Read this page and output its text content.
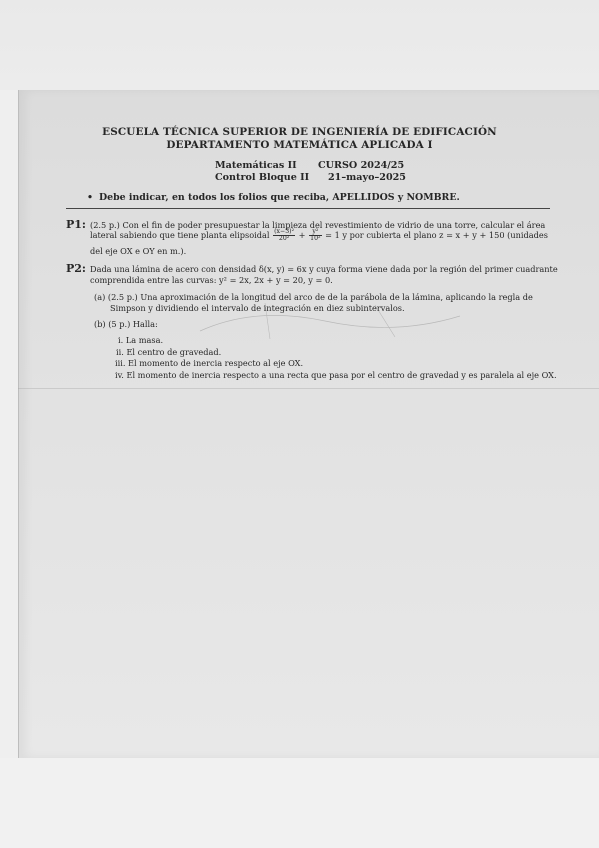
ESCUELA TÉCNICA SUPERIOR DE INGENIERÍA DE EDIFICACIÓN
DEPARTAMENTO MATEMÁTICA APLICADA I
Matemáticas II CURSO 2024/25
Control Bloque II 21–mayo–2025
• Debe indicar, en todos los folios que reciba, APELLIDOS y NOMBRE.
P1: (2.5 p.) Con el fin de poder presupuestar la limpieza del revestimiento de vidrio de una torre, calcular el área
lateral sabiendo que tiene planta elipsoidal $\frac{\text{(x−3)²}}{\text{20²}} + \frac{\text{y²}}{\text{10²}} = 1$ y por cubierta el plano z = x + y + 150 (unidades
del eje OX e OY en m.).
P2: Dada una lámina de acero con densidad δ(x, y) = 6x y cuya forma viene dada por la región del primer cuadrante
comprendida entre las curvas: y² = 2x, 2x + y = 20, y = 0.
(a) (2.5 p.) Una aproximación de la longitud del arco de de la parábola de la lámina, aplicando la regla de
Simpson y dividiendo el intervalo de integración en diez subintervalos.
(b) (5 p.) Halla:
i. La masa.
ii. El centro de gravedad.
iii. El momento de inercia respecto al eje OX.
iv. El momento de inercia respecto a una recta que pasa por el centro de gravedad y es paralela al eje OX.
